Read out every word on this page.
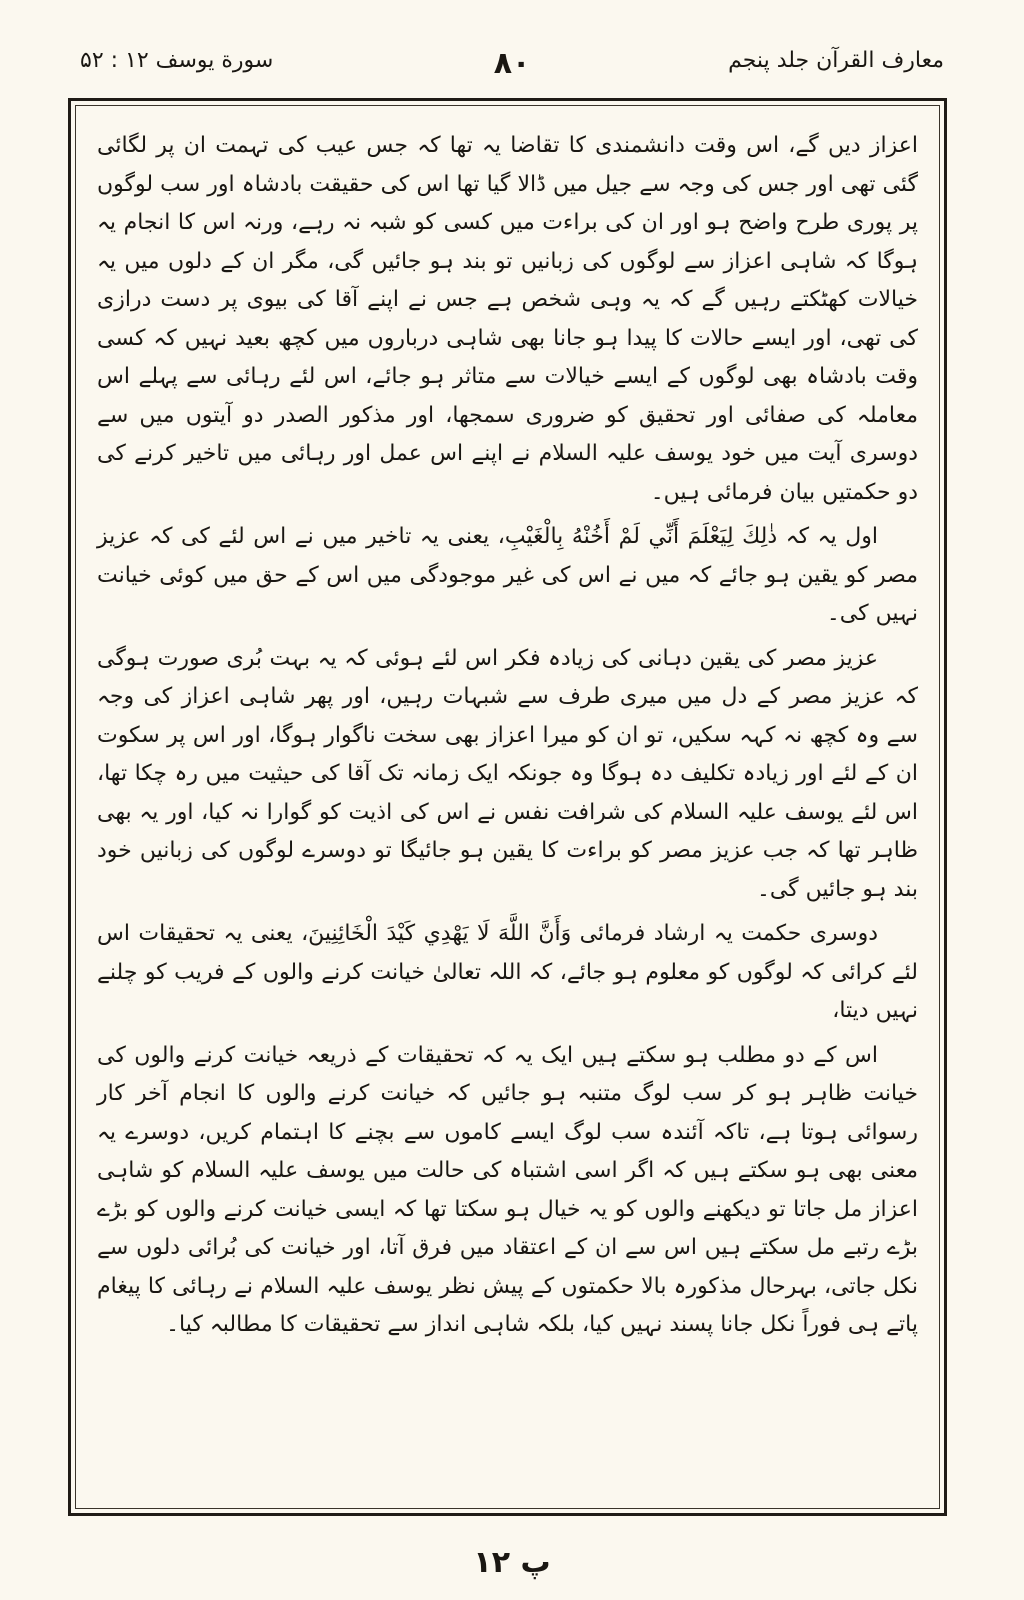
معارف القرآن جلد پنجم
۸۰
سورة یوسف ۱۲ : ۵۲

اعزاز دیں گے، اس وقت دانشمندی کا تقاضا یہ تھا کہ جس عیب کی تہمت ان پر لگائی گئی تھی اور جس کی وجہ سے جیل میں ڈالا گیا تھا اس کی حقیقت بادشاہ اور سب لوگوں پر پوری طرح واضح ہو اور ان کی براءت میں کسی کو شبہ نہ رہے، ورنہ اس کا انجام یہ ہوگا کہ شاہی اعزاز سے لوگوں کی زبانیں تو بند ہو جائیں گی، مگر ان کے دلوں میں یہ خیالات کھٹکتے رہیں گے کہ یہ وہی شخص ہے جس نے اپنے آقا کی بیوی پر دست درازی کی تھی، اور ایسے حالات کا پیدا ہو جانا بھی شاہی درباروں میں کچھ بعید نہیں کہ کسی وقت بادشاہ بھی لوگوں کے ایسے خیالات سے متاثر ہو جائے، اس لئے رہائی سے پہلے اس معاملہ کی صفائی اور تحقیق کو ضروری سمجھا، اور مذکور الصدر دو آیتوں میں سے دوسری آیت میں خود یوسف علیہ السلام نے اپنے اس عمل اور رہائی میں تاخیر کرنے کی دو حکمتیں بیان فرمائی ہیں۔

اول یہ کہ ذٰلِكَ لِيَعْلَمَ أَنِّي لَمْ أَخُنْهُ بِالْغَيْبِ، یعنی یہ تاخیر میں نے اس لئے کی کہ عزیز مصر کو یقین ہو جائے کہ میں نے اس کی غیر موجودگی میں اس کے حق میں کوئی خیانت نہیں کی۔

عزیز مصر کی یقین دہانی کی زیادہ فکر اس لئے ہوئی کہ یہ بہت بُری صورت ہوگی کہ عزیز مصر کے دل میں میری طرف سے شبہات رہیں، اور پھر شاہی اعزاز کی وجہ سے وہ کچھ نہ کہہ سکیں، تو ان کو میرا اعزاز بھی سخت ناگوار ہوگا، اور اس پر سکوت ان کے لئے اور زیادہ تکلیف دہ ہوگا وہ جونکہ ایک زمانہ تک آقا کی حیثیت میں رہ چکا تھا، اس لئے یوسف علیہ السلام کی شرافت نفس نے اس کی اذیت کو گوارا نہ کیا، اور یہ بھی ظاہر تھا کہ جب عزیز مصر کو براءت کا یقین ہو جائیگا تو دوسرے لوگوں کی زبانیں خود بند ہو جائیں گی۔

دوسری حکمت یہ ارشاد فرمائی وَأَنَّ اللَّهَ لَا يَهْدِي كَيْدَ الْخَائِنِينَ، یعنی یہ تحقیقات اس لئے کرائی کہ لوگوں کو معلوم ہو جائے، کہ اللہ تعالیٰ خیانت کرنے والوں کے فریب کو چلنے نہیں دیتا،

اس کے دو مطلب ہو سکتے ہیں ایک یہ کہ تحقیقات کے ذریعہ خیانت کرنے والوں کی خیانت ظاہر ہو کر سب لوگ متنبہ ہو جائیں کہ خیانت کرنے والوں کا انجام آخر کار رسوائی ہوتا ہے، تاکہ آئندہ سب لوگ ایسے کاموں سے بچنے کا اہتمام کریں، دوسرے یہ معنی بھی ہو سکتے ہیں کہ اگر اسی اشتباہ کی حالت میں یوسف علیہ السلام کو شاہی اعزاز مل جاتا تو دیکھنے والوں کو یہ خیال ہو سکتا تھا کہ ایسی خیانت کرنے والوں کو بڑے بڑے رتبے مل سکتے ہیں اس سے ان کے اعتقاد میں فرق آتا، اور خیانت کی بُرائی دلوں سے نکل جاتی، بہرحال مذکورہ بالا حکمتوں کے پیش نظر یوسف علیہ السلام نے رہائی کا پیغام پاتے ہی فوراً نکل جانا پسند نہیں کیا، بلکہ شاہی انداز سے تحقیقات کا مطالبہ کیا۔

پ ۱۲
